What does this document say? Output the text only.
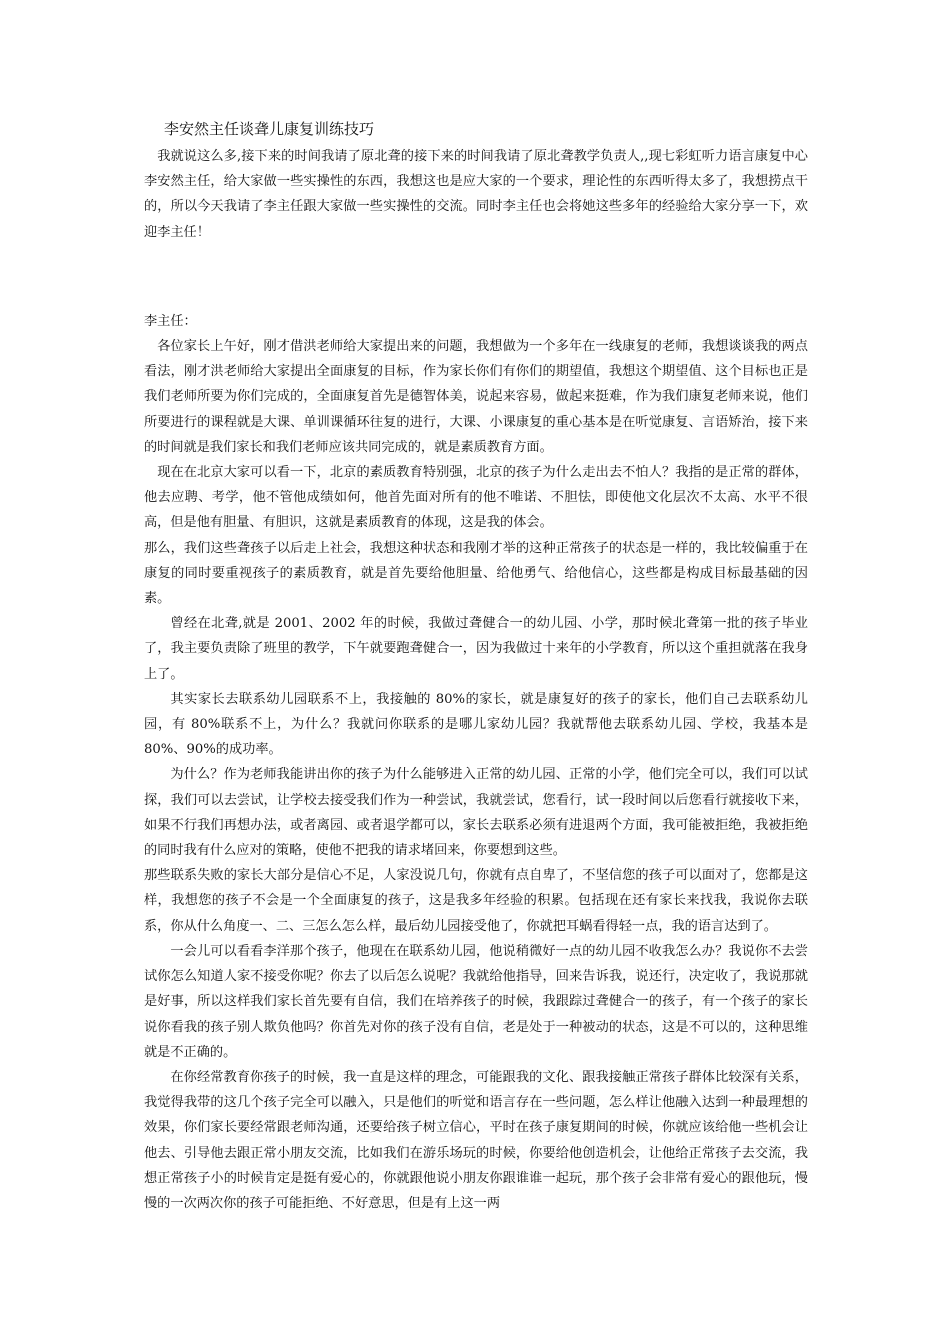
李安然主任谈聋儿康复训练技巧

我就说这么多,接下来的时间我请了原北聋的接下来的时间我请了原北聋教学负责人,,现七彩虹听力语言康复中心李安然主任，给大家做一些实操性的东西，我想这也是应大家的一个要求，理论性的东西听得太多了，我想捞点干的，所以今天我请了李主任跟大家做一些实操性的交流。同时李主任也会将她这些多年的经验给大家分享一下，欢迎李主任！

李主任：

各位家长上午好，刚才借洪老师给大家提出来的问题，我想做为一个多年在一线康复的老师，我想谈谈我的两点看法，刚才洪老师给大家提出全面康复的目标，作为家长你们有你们的期望值，我想这个期望值、这个目标也正是我们老师所要为你们完成的，全面康复首先是德智体美，说起来容易，做起来挺难，作为我们康复老师来说，他们所要进行的课程就是大课、单训课循环往复的进行，大课、小课康复的重心基本是在听觉康复、言语矫治，接下来的时间就是我们家长和我们老师应该共同完成的，就是素质教育方面。

现在在北京大家可以看一下，北京的素质教育特别强，北京的孩子为什么走出去不怕人？我指的是正常的群体，他去应聘、考学，他不管他成绩如何，他首先面对所有的他不唯诺、不胆怯，即使他文化层次不太高、水平不很高，但是他有胆量、有胆识，这就是素质教育的体现，这是我的体会。

那么，我们这些聋孩子以后走上社会，我想这种状态和我刚才举的这种正常孩子的状态是一样的，我比较偏重于在康复的同时要重视孩子的素质教育，就是首先要给他胆量、给他勇气、给他信心，这些都是构成目标最基础的因素。

曾经在北聋,就是 2001、2002 年的时候，我做过聋健合一的幼儿园、小学，那时候北聋第一批的孩子毕业了，我主要负责除了班里的教学，下午就要跑聋健合一，因为我做过十来年的小学教育，所以这个重担就落在我身上了。

其实家长去联系幼儿园联系不上，我接触的 80%的家长，就是康复好的孩子的家长，他们自己去联系幼儿园，有 80%联系不上，为什么？我就问你联系的是哪儿家幼儿园？我就帮他去联系幼儿园、学校，我基本是 80%、90%的成功率。

为什么？作为老师我能讲出你的孩子为什么能够进入正常的幼儿园、正常的小学，他们完全可以，我们可以试探，我们可以去尝试，让学校去接受我们作为一种尝试，我就尝试，您看行，试一段时间以后您看行就接收下来，如果不行我们再想办法，或者离园、或者退学都可以，家长去联系必须有进退两个方面，我可能被拒绝，我被拒绝的同时我有什么应对的策略，使他不把我的请求堵回来，你要想到这些。

那些联系失败的家长大部分是信心不足，人家没说几句，你就有点自卑了，不坚信您的孩子可以面对了，您都是这样，我想您的孩子不会是一个全面康复的孩子，这是我多年经验的积累。包括现在还有家长来找我，我说你去联系，你从什么角度一、二、三怎么怎么样，最后幼儿园接受他了，你就把耳蜗看得轻一点，我的语言达到了。

一会儿可以看看李洋那个孩子，他现在在联系幼儿园，他说稍微好一点的幼儿园不收我怎么办？我说你不去尝试你怎么知道人家不接受你呢？你去了以后怎么说呢？我就给他指导，回来告诉我，说还行，决定收了，我说那就是好事，所以这样我们家长首先要有自信，我们在培养孩子的时候，我跟踪过聋健合一的孩子，有一个孩子的家长说你看我的孩子别人欺负他吗？你首先对你的孩子没有自信，老是处于一种被动的状态，这是不可以的，这种思维就是不正确的。

在你经常教育你孩子的时候，我一直是这样的理念，可能跟我的文化、跟我接触正常孩子群体比较深有关系，我觉得我带的这几个孩子完全可以融入，只是他们的听觉和语言存在一些问题，怎么样让他融入达到一种最理想的效果，你们家长要经常跟老师沟通，还要给孩子树立信心，平时在孩子康复期间的时候，你就应该给他一些机会让他去、引导他去跟正常小朋友交流，比如我们在游乐场玩的时候，你要给他创造机会，让他给正常孩子去交流，我想正常孩子小的时候肯定是挺有爱心的，你就跟他说小朋友你跟谁谁一起玩，那个孩子会非常有爱心的跟他玩，慢慢的一次两次你的孩子可能拒绝、不好意思，但是有上这一两
